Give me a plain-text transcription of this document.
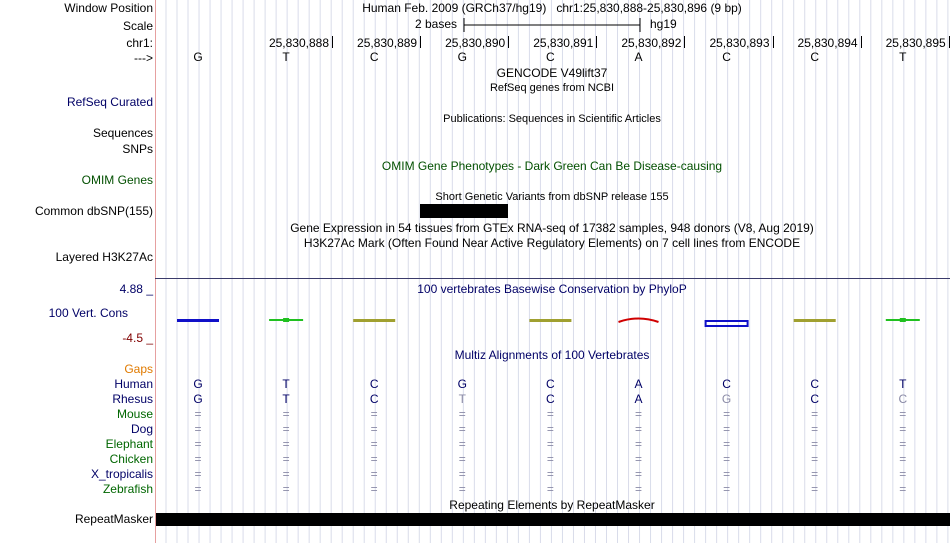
Window Position	Human Feb. 2009 (GRCh37/hg19)   chr1:25,830,888-25,830,896 (9 bp)
Scale	2 bases	hg19
chr1:
--->
GENCODE V49lift37
RefSeq genes from NCBI
RefSeq Curated
Publications: Sequences in Scientific Articles
Sequences
SNPs
OMIM Gene Phenotypes - Dark Green Can Be Disease-causing
OMIM Genes
Short Genetic Variants from dbSNP release 155
Common dbSNP(155)
Gene Expression in 54 tissues from GTEx RNA-seq of 17382 samples, 948 donors (V8, Aug 2019)
H3K27Ac Mark (Often Found Near Active Regulatory Elements) on 7 cell lines from ENCODE
Layered H3K27Ac
4.88 _	100 vertebrates Basewise Conservation by PhyloP
100 Vert. Cons
-4.5 _
Multiz Alignments of 100 Vertebrates
Gaps
Repeating Elements by RepeatMasker
RepeatMasker
25,830,888 25,830,889 25,830,890 25,830,891 25,830,892 25,830,893 25,830,894 25,830,895
G	T	C	G	C	A	C	C	T
Human	G	T	C	G	C	A	C	C	T
Rhesus	G	T	C	T	C	A	G	C	C
Mouse	=	=	=	=	=	=	=	=	=
Dog	=	=	=	=	=	=	=	=	=
Elephant	=	=	=	=	=	=	=	=	=
Chicken	=	=	=	=	=	=	=	=	=
X_tropicalis	=	=	=	=	=	=	=	=	=
Zebrafish	=	=	=	=	=	=	=	=	=
